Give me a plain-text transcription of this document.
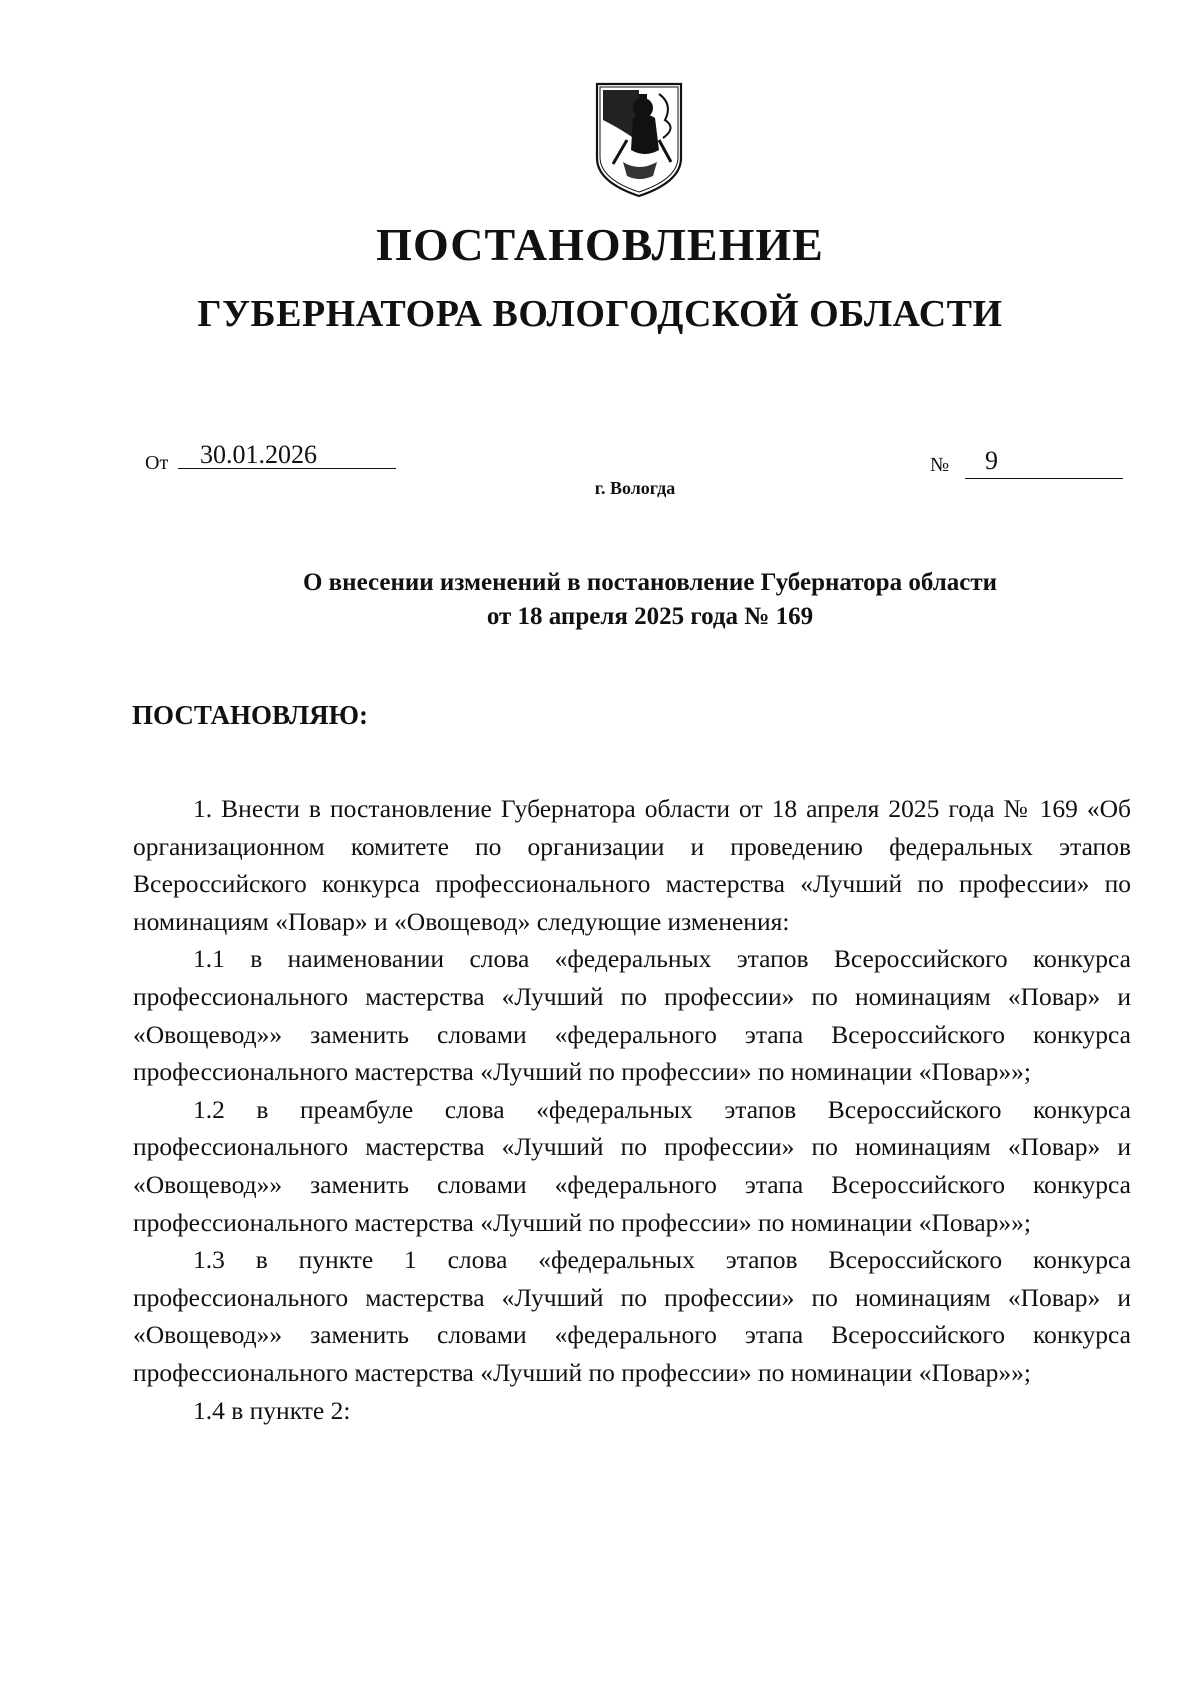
ПОСТАНОВЛЕНИЕ
ГУБЕРНАТОРА ВОЛОГОДСКОЙ ОБЛАСТИ
От 30.01.2026	№ 9
г. Вологда
О внесении изменений в постановление Губернатора области
от 18 апреля 2025 года № 169
ПОСТАНОВЛЯЮ:

1. Внести в постановление Губернатора области от 18 апреля 2025 года № 169 «Об организационном комитете по организации и проведению федеральных этапов Всероссийского конкурса профессионального мастерства «Лучший по профессии» по номинациям «Повар» и «Овощевод» следующие изменения:

1.1 в наименовании слова «федеральных этапов Всероссийского конкурса профессионального мастерства «Лучший по профессии» по номинациям «Повар» и «Овощевод»» заменить словами «федерального этапа Всероссийского конкурса профессионального мастерства «Лучший по профессии» по номинации «Повар»»;

1.2 в преамбуле слова «федеральных этапов Всероссийского конкурса профессионального мастерства «Лучший по профессии» по номинациям «Повар» и «Овощевод»» заменить словами «федерального этапа Всероссийского конкурса профессионального мастерства «Лучший по профессии» по номинации «Повар»»;

1.3 в пункте 1 слова «федеральных этапов Всероссийского конкурса профессионального мастерства «Лучший по профессии» по номинациям «Повар» и «Овощевод»» заменить словами «федерального этапа Всероссийского конкурса профессионального мастерства «Лучший по профессии» по номинации «Повар»»;

1.4 в пункте 2:
